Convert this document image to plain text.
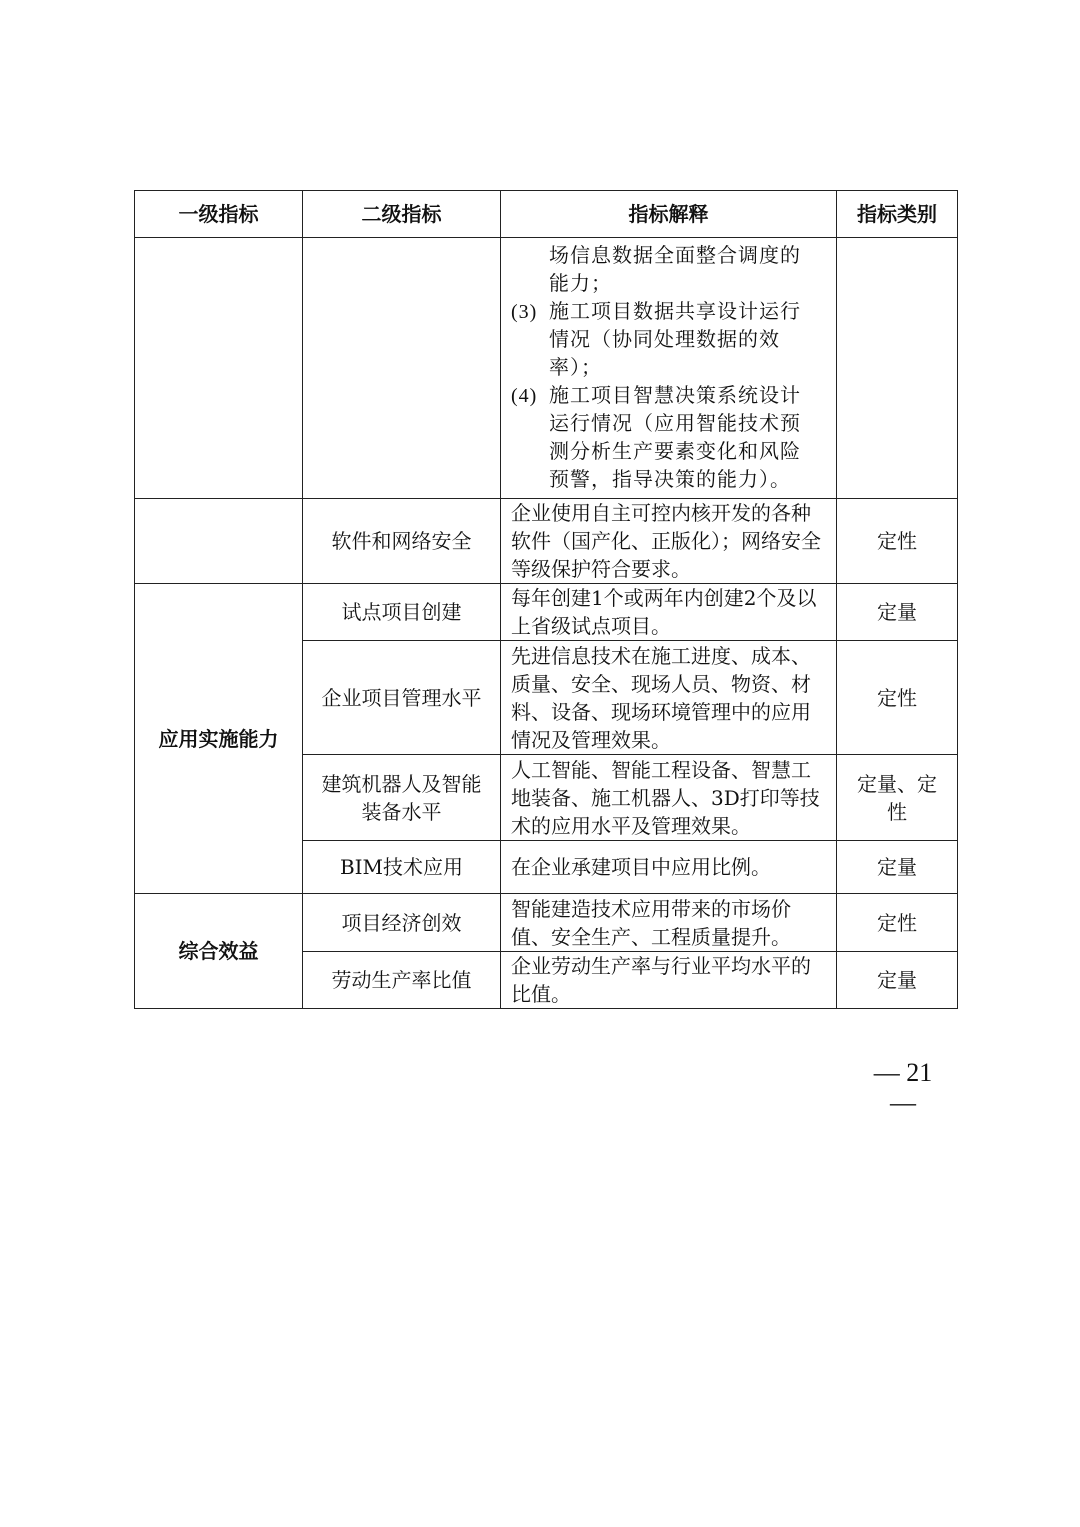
一级指标	二级指标	指标解释	指标类别

		场信息数据全面整合调度的能力；
(3) 施工项目数据共享设计运行情况（协同处理数据的效率）；
(4) 施工项目智慧决策系统设计运行情况（应用智能技术预测分析生产要素变化和风险预警，指导决策的能力）。	

	软件和网络安全	企业使用自主可控内核开发的各种软件（国产化、正版化）；网络安全等级保护符合要求。	定性
应用实施能力	试点项目创建	每年创建1个或两年内创建2个及以上省级试点项目。	定量
	企业项目管理水平	先进信息技术在施工进度、成本、质量、安全、现场人员、物资、材料、设备、现场环境管理中的应用情况及管理效果。	定性
	建筑机器人及智能装备水平	人工智能、智能工程设备、智慧工地装备、施工机器人、3D打印等技术的应用水平及管理效果。	定量、定性
	BIM技术应用	在企业承建项目中应用比例。	定量
综合效益	项目经济创效	智能建造技术应用带来的市场价值、安全生产、工程质量提升。	定性
	劳动生产率比值	企业劳动生产率与行业平均水平的比值。	定量
— 21 —
